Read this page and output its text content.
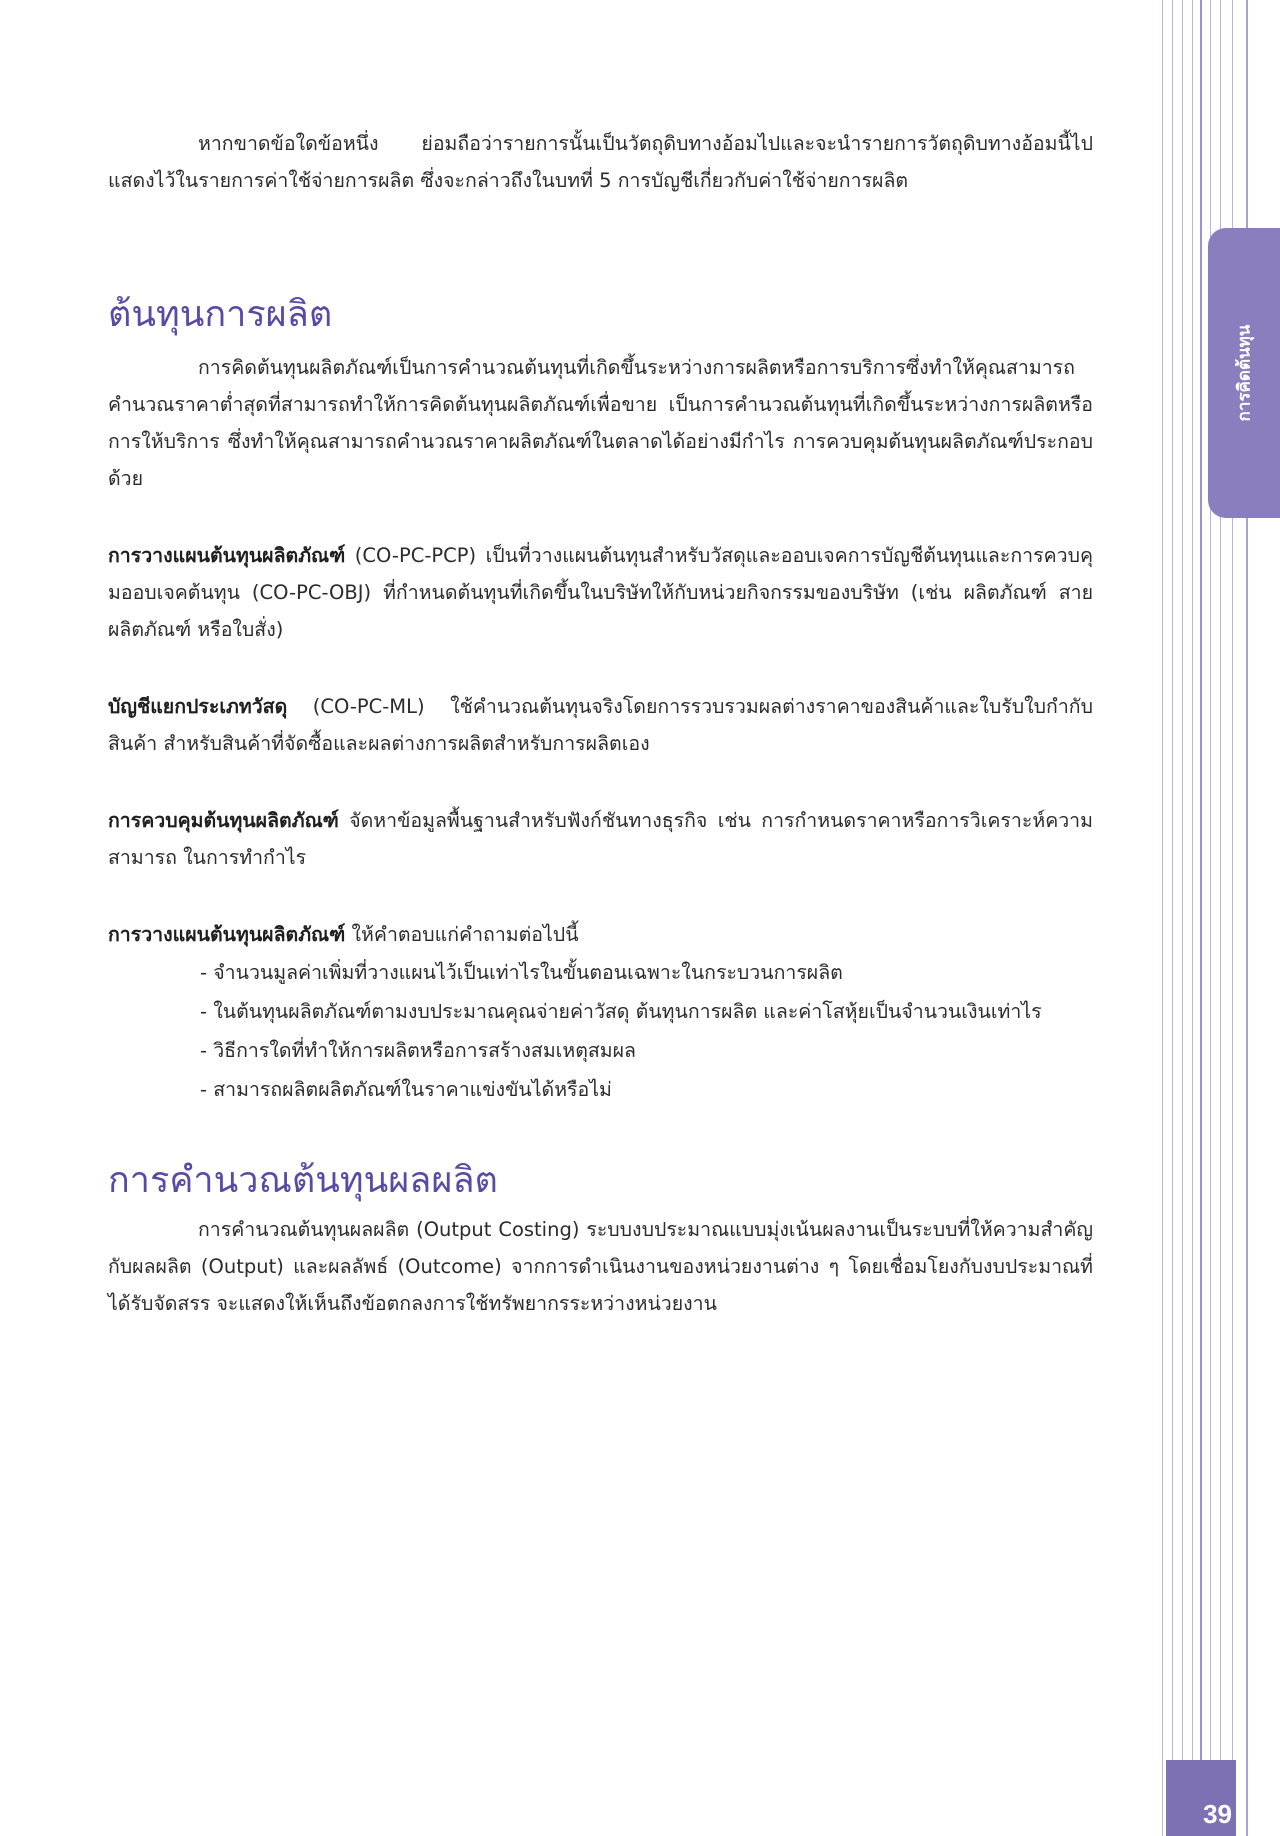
การคิดต้นทุน

หากขาดข้อใดข้อหนึ่ง ย่อมถือว่ารายการนั้นเป็นวัตถุดิบทางอ้อมไปและจะนำรายการวัตถุดิบทางอ้อมนี้ไปแสดงไว้ในรายการค่าใช้จ่ายการผลิต ซึ่งจะกล่าวถึงในบทที่ 5 การบัญชีเกี่ยวกับค่าใช้จ่ายการผลิต

ต้นทุนการผลิต

การคิดต้นทุนผลิตภัณฑ์เป็นการคำนวณต้นทุนที่เกิดขึ้นระหว่างการผลิตหรือการบริการซึ่งทำให้คุณสามารถคำนวณราคาต่ำสุดที่สามารถทำให้การคิดต้นทุนผลิตภัณฑ์เพื่อขาย เป็นการคำนวณต้นทุนที่เกิดขึ้นระหว่างการผลิตหรือการให้บริการ ซึ่งทำให้คุณสามารถคำนวณราคาผลิตภัณฑ์ในตลาดได้อย่างมีกำไร การควบคุมต้นทุนผลิตภัณฑ์ประกอบด้วย

การวางแผนต้นทุนผลิตภัณฑ์ (CO-PC-PCP) เป็นที่วางแผนต้นทุนสำหรับวัสดุและออบเจคการบัญชีต้นทุนและการควบคุมออบเจคต้นทุน (CO-PC-OBJ) ที่กำหนดต้นทุนที่เกิดขึ้นในบริษัทให้กับหน่วยกิจกรรมของบริษัท (เช่น ผลิตภัณฑ์ สายผลิตภัณฑ์ หรือใบสั่ง)

บัญชีแยกประเภทวัสดุ (CO-PC-ML) ใช้คำนวณต้นทุนจริงโดยการรวบรวมผลต่างราคาของสินค้าและใบรับใบกำกับสินค้า สำหรับสินค้าที่จัดซื้อและผลต่างการผลิตสำหรับการผลิตเอง

การควบคุมต้นทุนผลิตภัณฑ์ จัดหาข้อมูลพื้นฐานสำหรับฟังก์ชันทางธุรกิจ เช่น การกำหนดราคาหรือการวิเคราะห์ความสามารถ ในการทำกำไร

การวางแผนต้นทุนผลิตภัณฑ์ ให้คำตอบแก่คำถามต่อไปนี้

- จำนวนมูลค่าเพิ่มที่วางแผนไว้เป็นเท่าไรในขั้นตอนเฉพาะในกระบวนการผลิต
- ในต้นทุนผลิตภัณฑ์ตามงบประมาณคุณจ่ายค่าวัสดุ ต้นทุนการผลิต และค่าโสหุ้ยเป็นจำนวนเงินเท่าไร
- วิธีการใดที่ทำให้การผลิตหรือการสร้างสมเหตุสมผล
- สามารถผลิตผลิตภัณฑ์ในราคาแข่งขันได้หรือไม่
การคำนวณต้นทุนผลผลิต

การคำนวณต้นทุนผลผลิต (Output Costing) ระบบงบประมาณแบบมุ่งเน้นผลงานเป็นระบบที่ให้ความสำคัญกับผลผลิต (Output) และผลลัพธ์ (Outcome) จากการดำเนินงานของหน่วยงานต่าง ๆ โดยเชื่อมโยงกับงบประมาณที่ได้รับจัดสรร จะแสดงให้เห็นถึงข้อตกลงการใช้ทรัพยากรระหว่างหน่วยงาน

39
